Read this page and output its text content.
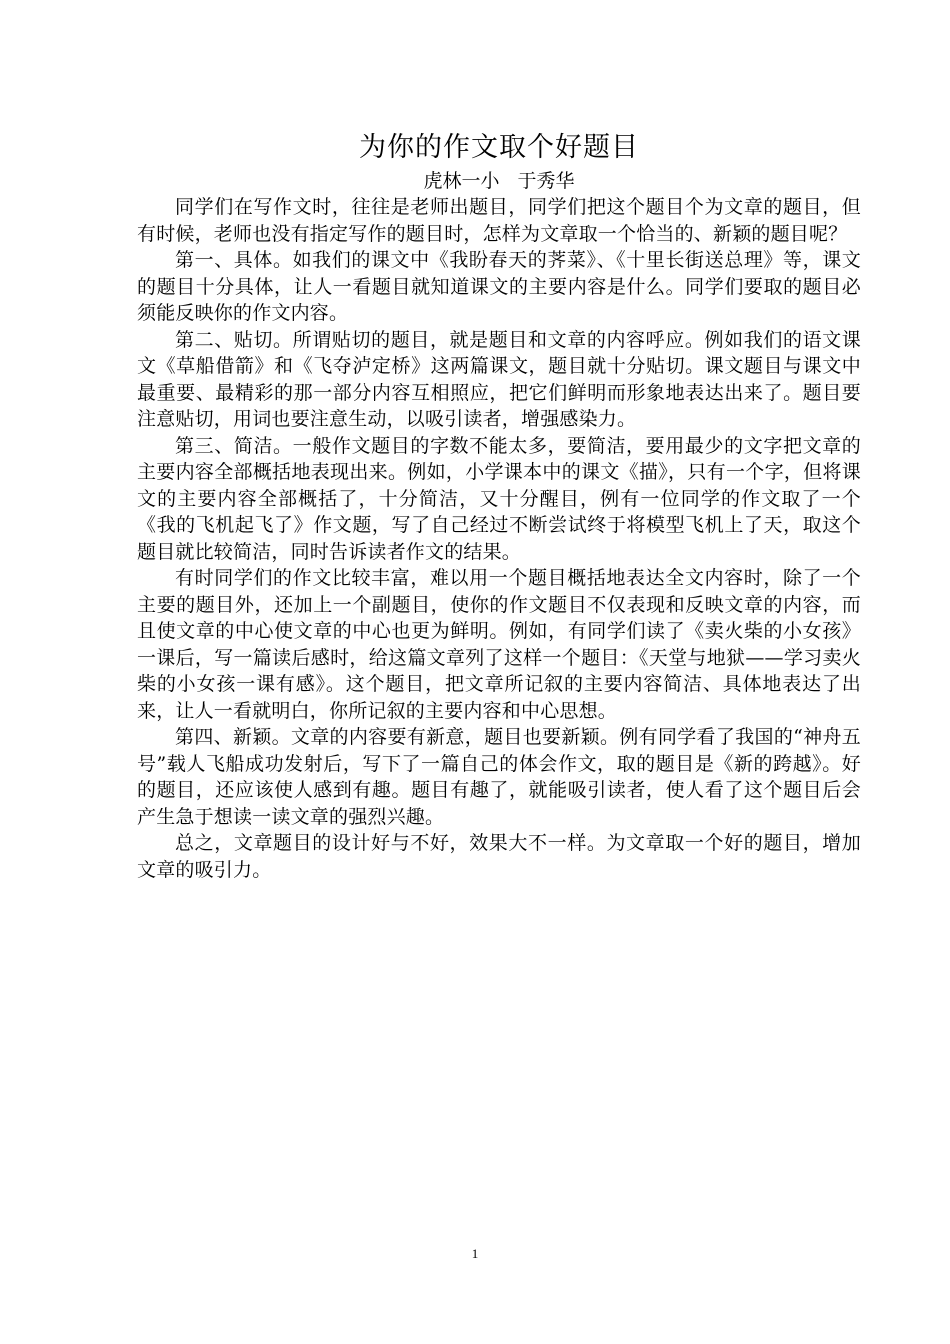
为你的作文取个好题目

虎林一小   于秀华

同学们在写作文时，往往是老师出题目，同学们把这个题目个为文章的题目，但有时候，老师也没有指定写作的题目时，怎样为文章取一个恰当的、新颖的题目呢？

第一、具体。如我们的课文中《我盼春天的荠菜》、《十里长街送总理》等，课文的题目十分具体，让人一看题目就知道课文的主要内容是什么。同学们要取的题目必须能反映你的作文内容。

第二、贴切。所谓贴切的题目，就是题目和文章的内容呼应。例如我们的语文课文《草船借箭》和《飞夺泸定桥》这两篇课文，题目就十分贴切。课文题目与课文中最重要、最精彩的那一部分内容互相照应，把它们鲜明而形象地表达出来了。题目要注意贴切，用词也要注意生动，以吸引读者，增强感染力。

第三、简洁。一般作文题目的字数不能太多，要简洁，要用最少的文字把文章的主要内容全部概括地表现出来。例如，小学课本中的课文《描》，只有一个字，但将课文的主要内容全部概括了，十分简洁，又十分醒目，例有一位同学的作文取了一个《我的飞机起飞了》作文题，写了自己经过不断尝试终于将模型飞机上了天，取这个题目就比较简洁，同时告诉读者作文的结果。

有时同学们的作文比较丰富，难以用一个题目概括地表达全文内容时，除了一个主要的题目外，还加上一个副题目，使你的作文题目不仅表现和反映文章的内容，而且使文章的中心使文章的中心也更为鲜明。例如，有同学们读了《卖火柴的小女孩》一课后，写一篇读后感时，给这篇文章列了这样一个题目：《天堂与地狱——学习卖火柴的小女孩一课有感》。这个题目，把文章所记叙的主要内容简洁、具体地表达了出来，让人一看就明白，你所记叙的主要内容和中心思想。

第四、新颖。文章的内容要有新意，题目也要新颖。例有同学看了我国的“神舟五号”载人飞船成功发射后，写下了一篇自己的体会作文，取的题目是《新的跨越》。好的题目，还应该使人感到有趣。题目有趣了，就能吸引读者，使人看了这个题目后会产生急于想读一读文章的强烈兴趣。

总之，文章题目的设计好与不好，效果大不一样。为文章取一个好的题目，增加文章的吸引力。

1
